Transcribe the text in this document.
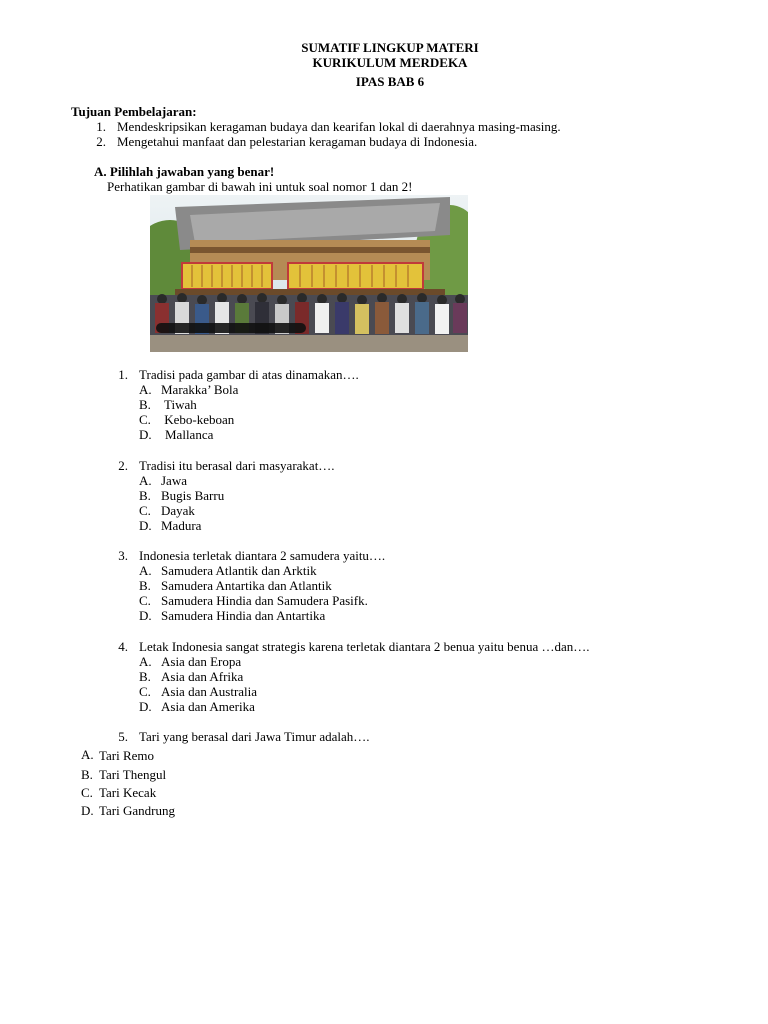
SUMATIF LINGKUP MATERI
KURIKULUM MERDEKA
IPAS BAB 6
Tujuan Pembelajaran:
1. Mendeskripsikan keragaman budaya dan kearifan lokal di daerahnya masing-masing.
2. Mengetahui manfaat dan pelestarian keragaman budaya di Indonesia.
A. Pilihlah jawaban yang benar!
Perhatikan gambar di bawah ini untuk soal nomor 1 dan 2!
1. Tradisi pada gambar di atas dinamakan….
A. Marakka’ Bola
B. Tiwah
C. Kebo-keboan
D. Mallanca
2. Tradisi itu berasal dari masyarakat….
A. Jawa
B. Bugis Barru
C. Dayak
D. Madura
3. Indonesia terletak diantara 2 samudera yaitu….
A. Samudera Atlantik dan Arktik
B. Samudera Antartika dan Atlantik
C. Samudera Hindia dan Samudera Pasifk.
D. Samudera Hindia dan Antartika
4. Letak Indonesia sangat strategis karena terletak diantara 2 benua yaitu benua …dan….
A. Asia dan Eropa
B. Asia dan Afrika
C. Asia dan Australia
D. Asia dan Amerika
5. Tari yang berasal dari Jawa Timur adalah….
A. Tari Remo
B. Tari Thengul
C. Tari Kecak
D. Tari Gandrung
